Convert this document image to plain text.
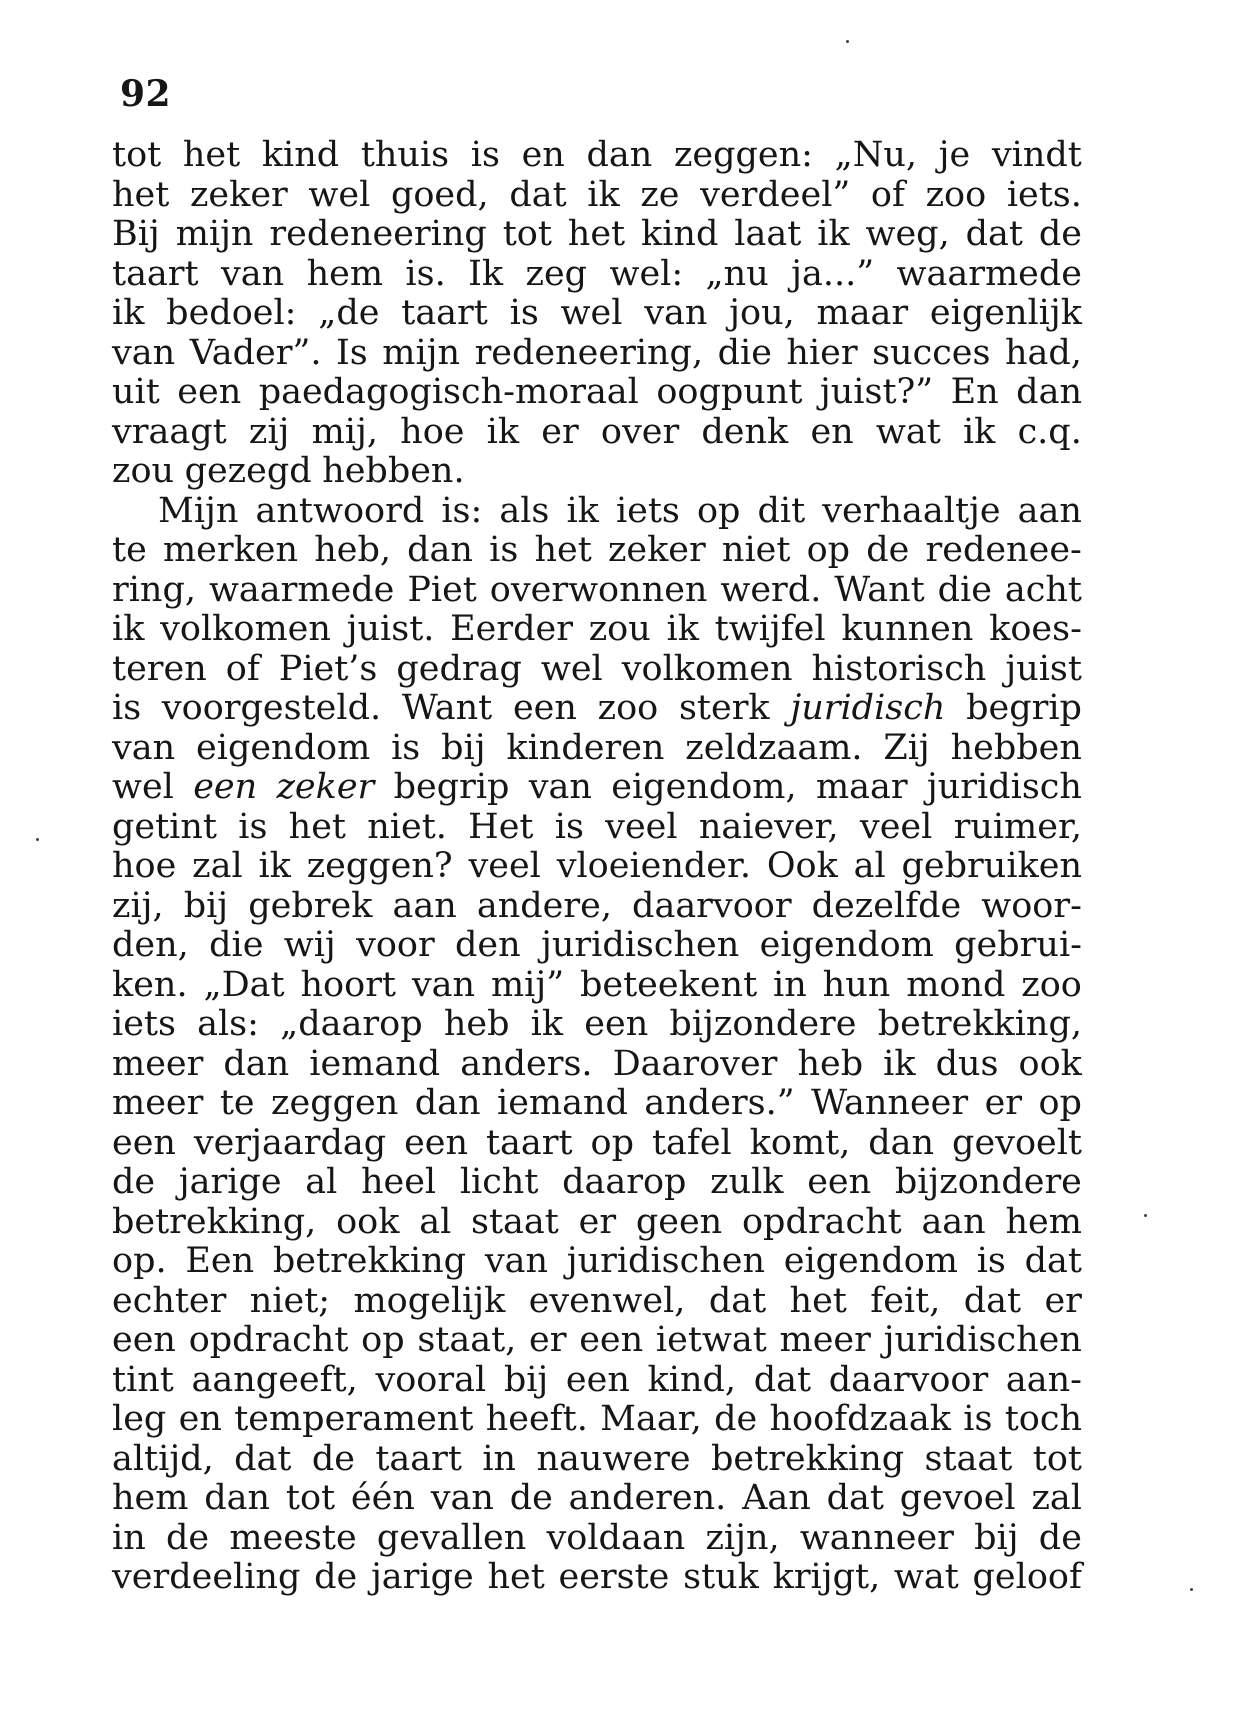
92
tot het kind thuis is en dan zeggen: „Nu, je vindt
het zeker wel goed, dat ik ze verdeel” of zoo iets.
Bij mijn redeneering tot het kind laat ik weg, dat de
taart van hem is. Ik zeg wel: „nu ja...” waarmede
ik bedoel: „de taart is wel van jou, maar eigenlijk
van Vader”. Is mijn redeneering, die hier succes had,
uit een paedagogisch-moraal oogpunt juist?” En dan
vraagt zij mij, hoe ik er over denk en wat ik c.q.
zou gezegd hebben.
Mijn antwoord is: als ik iets op dit verhaaltje aan
te merken heb, dan is het zeker niet op de redenee-
ring, waarmede Piet overwonnen werd. Want die acht
ik volkomen juist. Eerder zou ik twijfel kunnen koes-
teren of Piet’s gedrag wel volkomen historisch juist
is voorgesteld. Want een zoo sterk juridisch begrip
van eigendom is bij kinderen zeldzaam. Zij hebben
wel een zeker begrip van eigendom, maar juridisch
getint is het niet. Het is veel naiever, veel ruimer,
hoe zal ik zeggen? veel vloeiender. Ook al gebruiken
zij, bij gebrek aan andere, daarvoor dezelfde woor-
den, die wij voor den juridischen eigendom gebrui-
ken. „Dat hoort van mij” beteekent in hun mond zoo
iets als: „daarop heb ik een bijzondere betrekking,
meer dan iemand anders. Daarover heb ik dus ook
meer te zeggen dan iemand anders.” Wanneer er op
een verjaardag een taart op tafel komt, dan gevoelt
de jarige al heel licht daarop zulk een bijzondere
betrekking, ook al staat er geen opdracht aan hem
op. Een betrekking van juridischen eigendom is dat
echter niet; mogelijk evenwel, dat het feit, dat er
een opdracht op staat, er een ietwat meer juridischen
tint aangeeft, vooral bij een kind, dat daarvoor aan-
leg en temperament heeft. Maar, de hoofdzaak is toch
altijd, dat de taart in nauwere betrekking staat tot
hem dan tot één van de anderen. Aan dat gevoel zal
in de meeste gevallen voldaan zijn, wanneer bij de
verdeeling de jarige het eerste stuk krijgt, wat geloof
